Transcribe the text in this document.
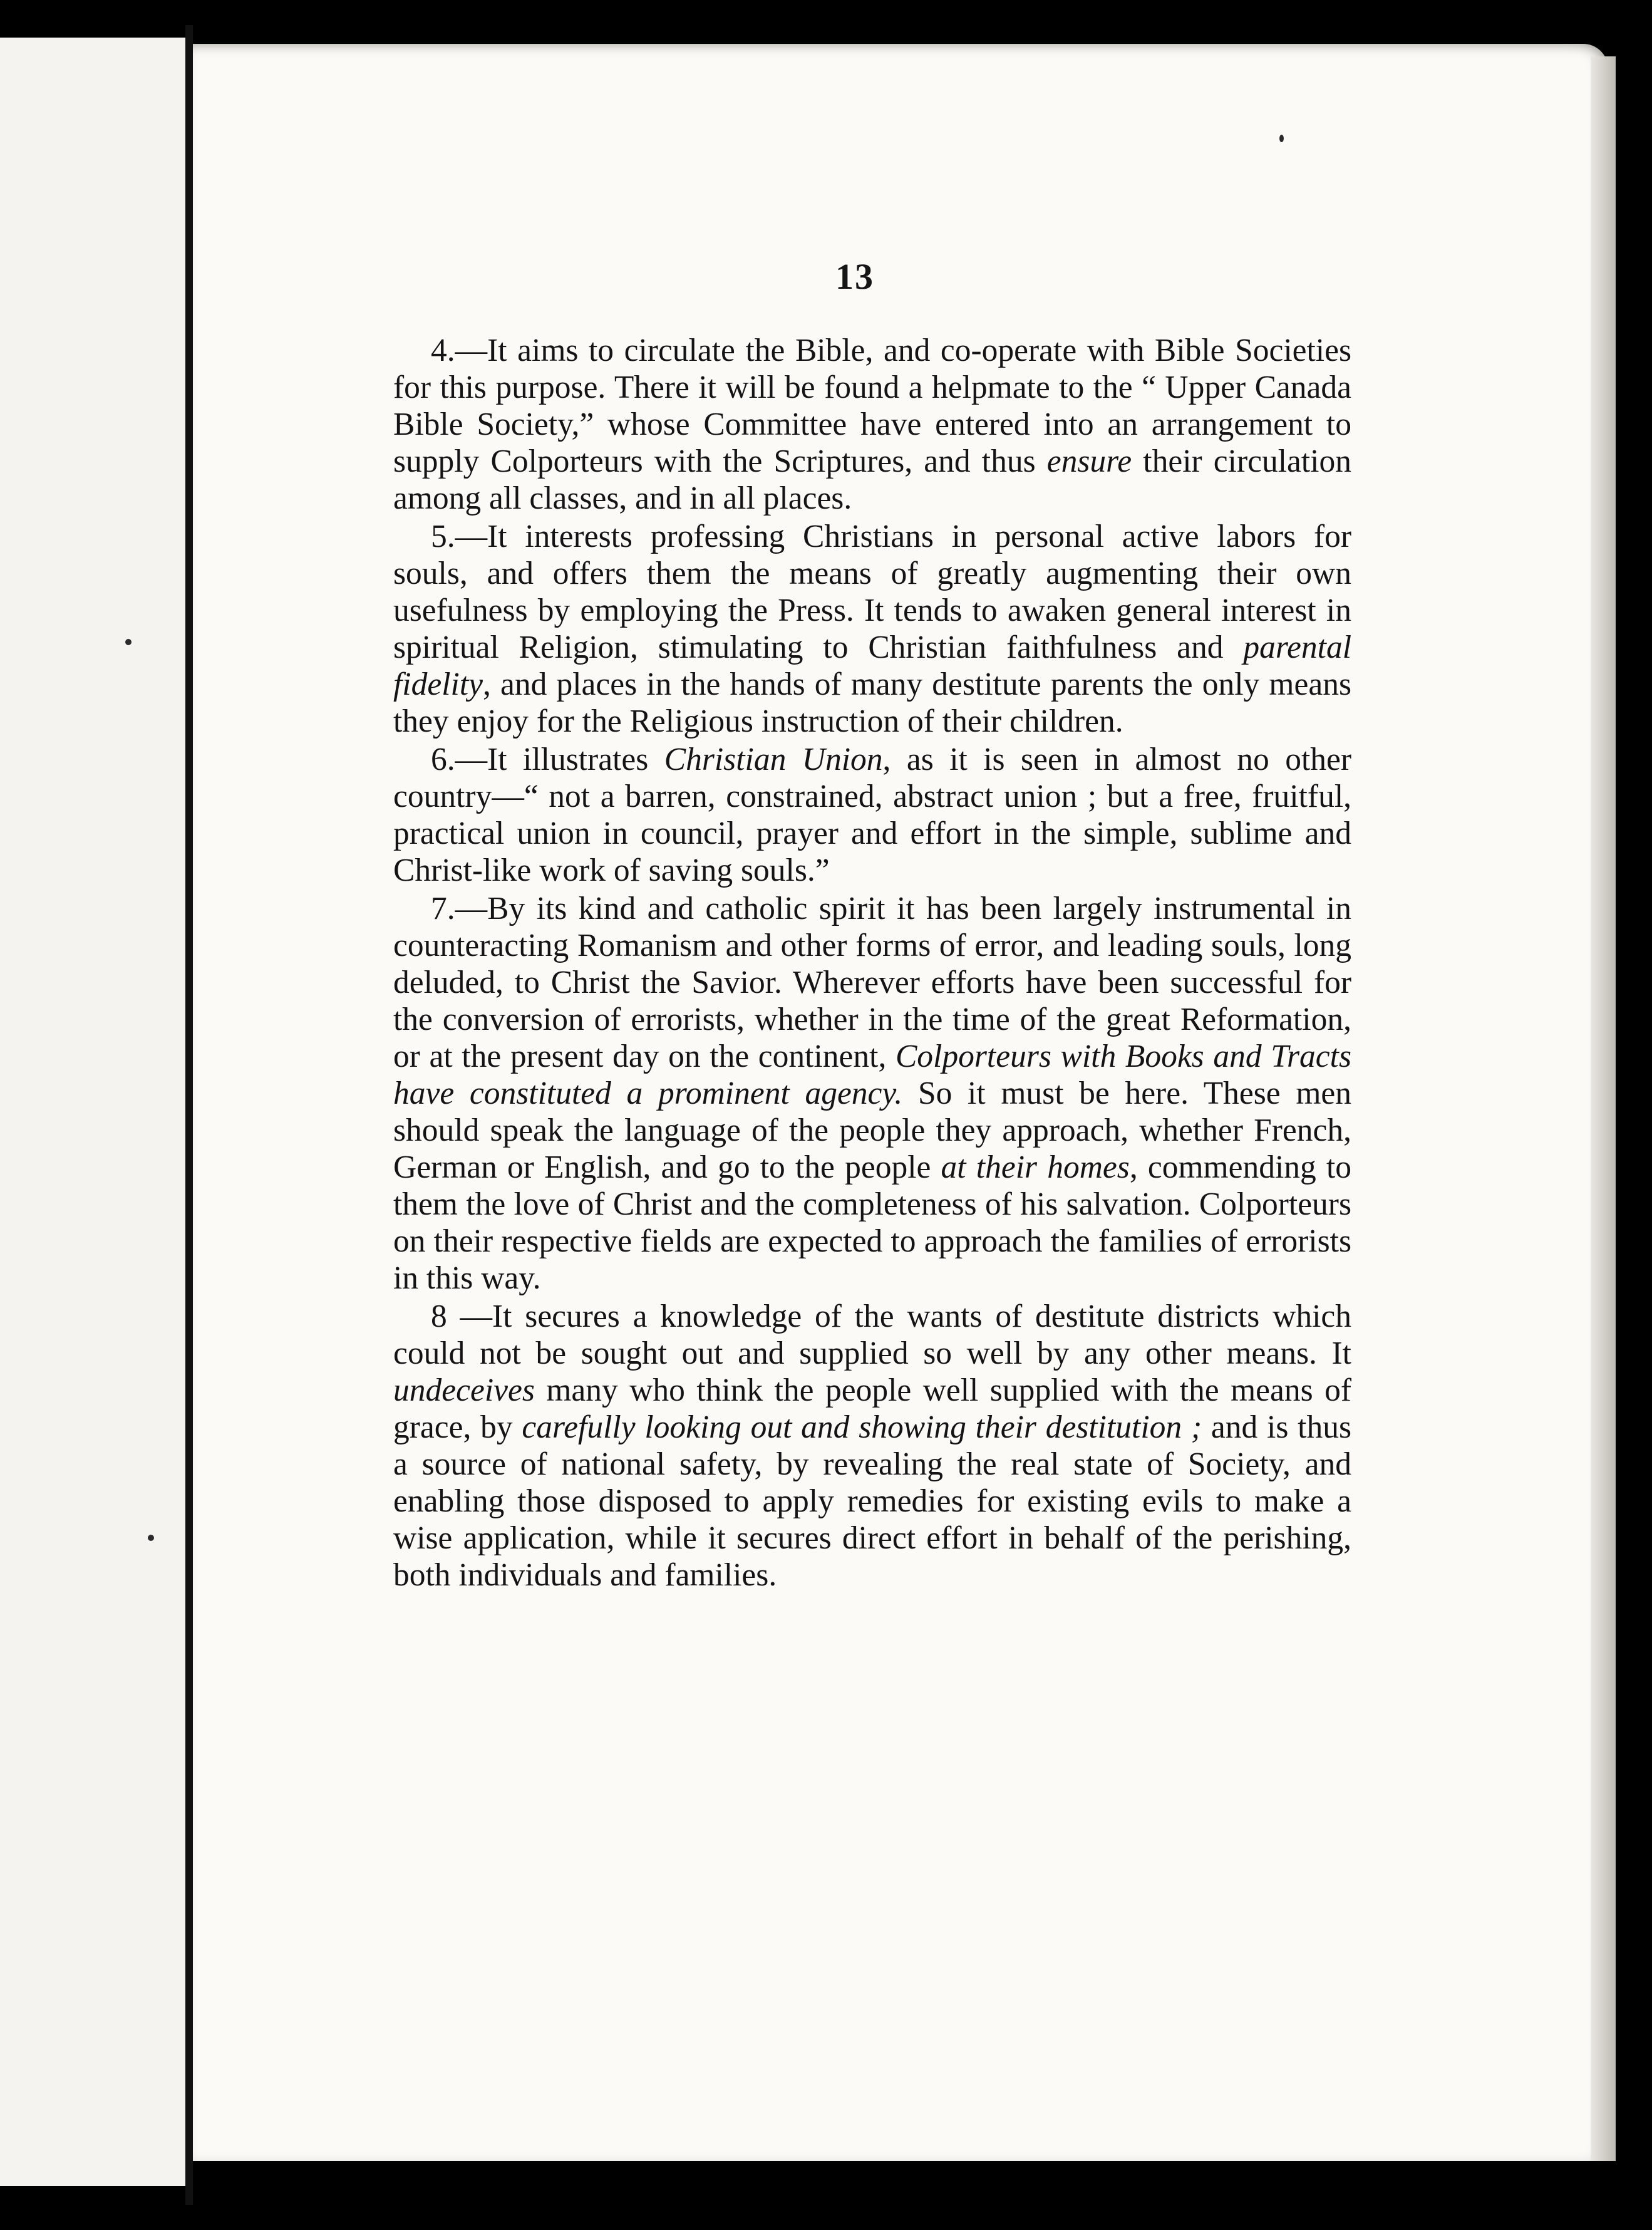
13

4.—It aims to circulate the Bible, and co-operate with Bible Societies for this purpose. There it will be found a helpmate to the “ Upper Canada Bible Society,” whose Committee have entered into an arrangement to supply Colporteurs with the Scriptures, and thus ensure their circulation among all classes, and in all places.

5.—It interests professing Christians in personal active labors for souls, and offers them the means of greatly augmenting their own usefulness by employing the Press. It tends to awaken general interest in spiritual Religion, stimulating to Christian faithfulness and parental fidelity, and places in the hands of many destitute parents the only means they enjoy for the Religious instruction of their children.

6.—It illustrates Christian Union, as it is seen in almost no other country—“ not a barren, constrained, abstract union ; but a free, fruitful, practical union in council, prayer and effort in the simple, sublime and Christ-like work of saving souls.”

7.—By its kind and catholic spirit it has been largely instrumental in counteracting Romanism and other forms of error, and leading souls, long deluded, to Christ the Savior. Wherever efforts have been successful for the conversion of errorists, whether in the time of the great Reformation, or at the present day on the continent, Colporteurs with Books and Tracts have constituted a prominent agency. So it must be here. These men should speak the language of the people they approach, whether French, German or English, and go to the people at their homes, commending to them the love of Christ and the completeness of his salvation. Colporteurs on their respective fields are expected to approach the families of errorists in this way.

8 —It secures a knowledge of the wants of destitute districts which could not be sought out and supplied so well by any other means. It undeceives many who think the people well supplied with the means of grace, by carefully looking out and showing their destitution ; and is thus a source of national safety, by revealing the real state of Society, and enabling those disposed to apply remedies for existing evils to make a wise application, while it secures direct effort in behalf of the perishing, both individuals and families.
